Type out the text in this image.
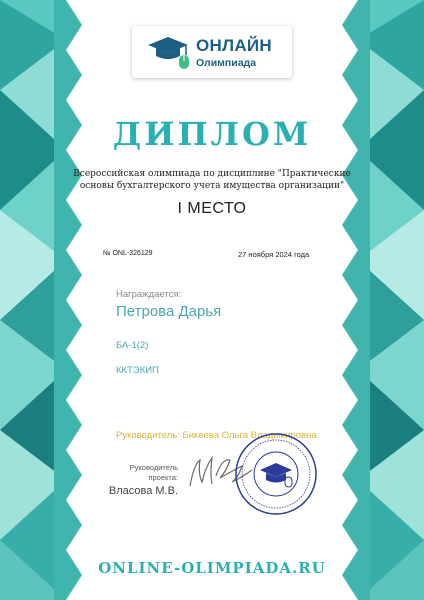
ОНЛАЙН
Олимпиада
ДИПЛОМ
Всероссийская олимпиада по дисциплине "Практические основы бухгалтерского учета имущества организации"
I МЕСТО
№ ONL-326129	27 ноября 2024 года
Награждается:
Петрова Дарья
БА-1(2)
ККТЭКИП
Руководитель: Бикеева Ольга Владимировна
Руководитель
проекта:
Власова М.В.
ONLINE-OLIMPIADA.RU
